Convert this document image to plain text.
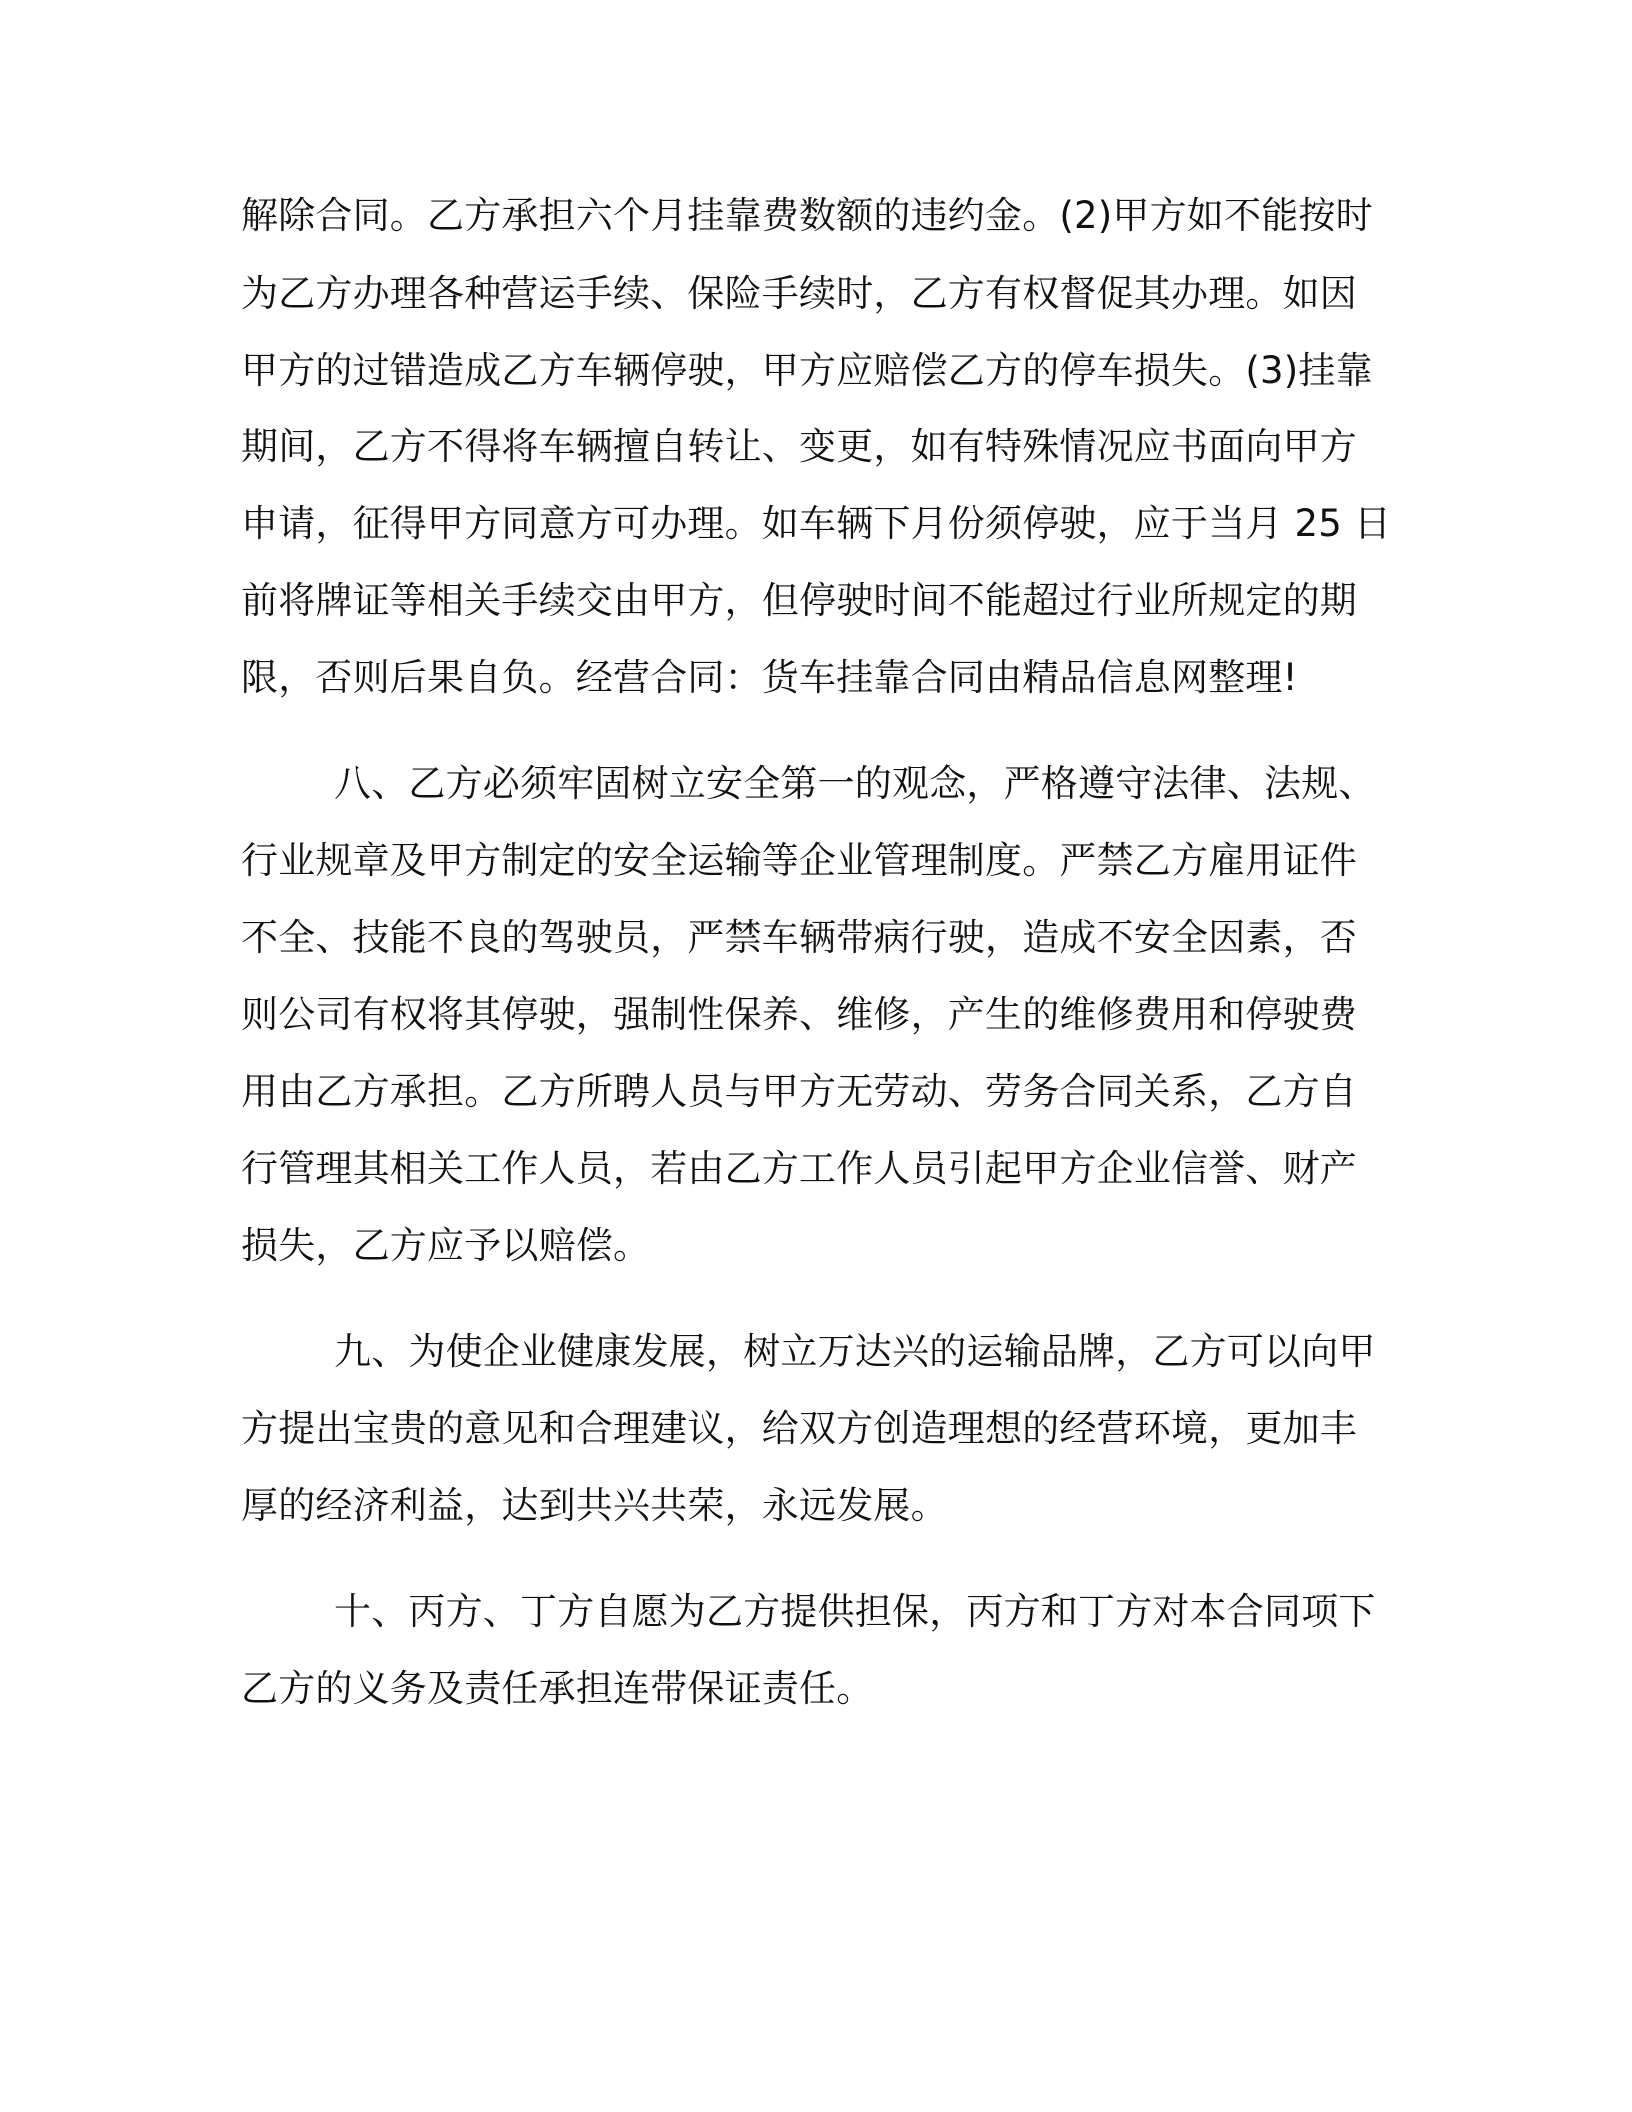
解除合同。乙方承担六个月挂靠费数额的违约金。(2)甲方如不能按时
为乙方办理各种营运手续、保险手续时，乙方有权督促其办理。如因
甲方的过错造成乙方车辆停驶，甲方应赔偿乙方的停车损失。(3)挂靠
期间，乙方不得将车辆擅自转让、变更，如有特殊情况应书面向甲方
申请，征得甲方同意方可办理。如车辆下月份须停驶，应于当月 25 日
前将牌证等相关手续交由甲方，但停驶时间不能超过行业所规定的期
限，否则后果自负。经营合同：货车挂靠合同由精品信息网整理!
八、乙方必须牢固树立安全第一的观念，严格遵守法律、法规、
行业规章及甲方制定的安全运输等企业管理制度。严禁乙方雇用证件
不全、技能不良的驾驶员，严禁车辆带病行驶，造成不安全因素，否
则公司有权将其停驶，强制性保养、维修，产生的维修费用和停驶费
用由乙方承担。乙方所聘人员与甲方无劳动、劳务合同关系，乙方自
行管理其相关工作人员，若由乙方工作人员引起甲方企业信誉、财产
损失，乙方应予以赔偿。
九、为使企业健康发展，树立万达兴的运输品牌，乙方可以向甲
方提出宝贵的意见和合理建议，给双方创造理想的经营环境，更加丰
厚的经济利益，达到共兴共荣，永远发展。
十、丙方、丁方自愿为乙方提供担保，丙方和丁方对本合同项下
乙方的义务及责任承担连带保证责任。
